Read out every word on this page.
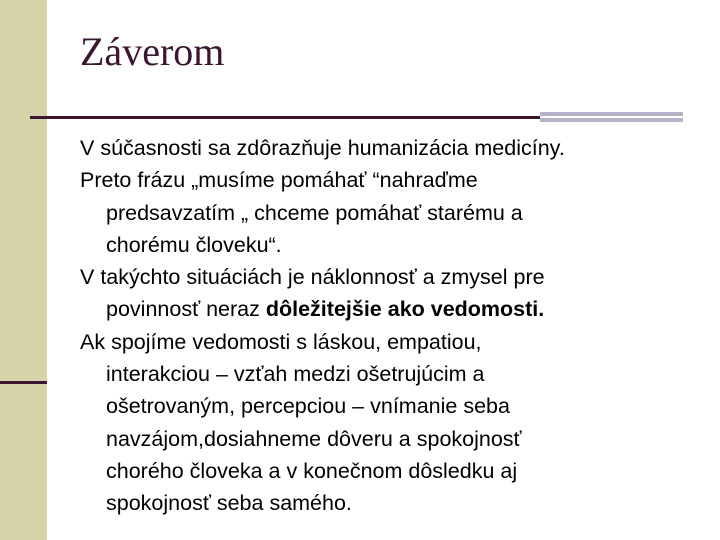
Záverom

V súčasnosti sa zdôrazňuje humanizácia medicíny.

Preto frázu „musíme pomáhať “nahraďme
predsavzatím „ chceme pomáhať starému a
chorému človeku“.

V takýchto situáciách je náklonnosť a zmysel pre
povinnosť neraz dôležitejšie ako vedomosti.

Ak spojíme vedomosti s láskou, empatiou,
interakciou – vzťah medzi ošetrujúcim a
ošetrovaným, percepciou – vnímanie seba
navzájom,dosiahneme dôveru a spokojnosť
chorého človeka a v konečnom dôsledku aj
spokojnosť seba samého.
